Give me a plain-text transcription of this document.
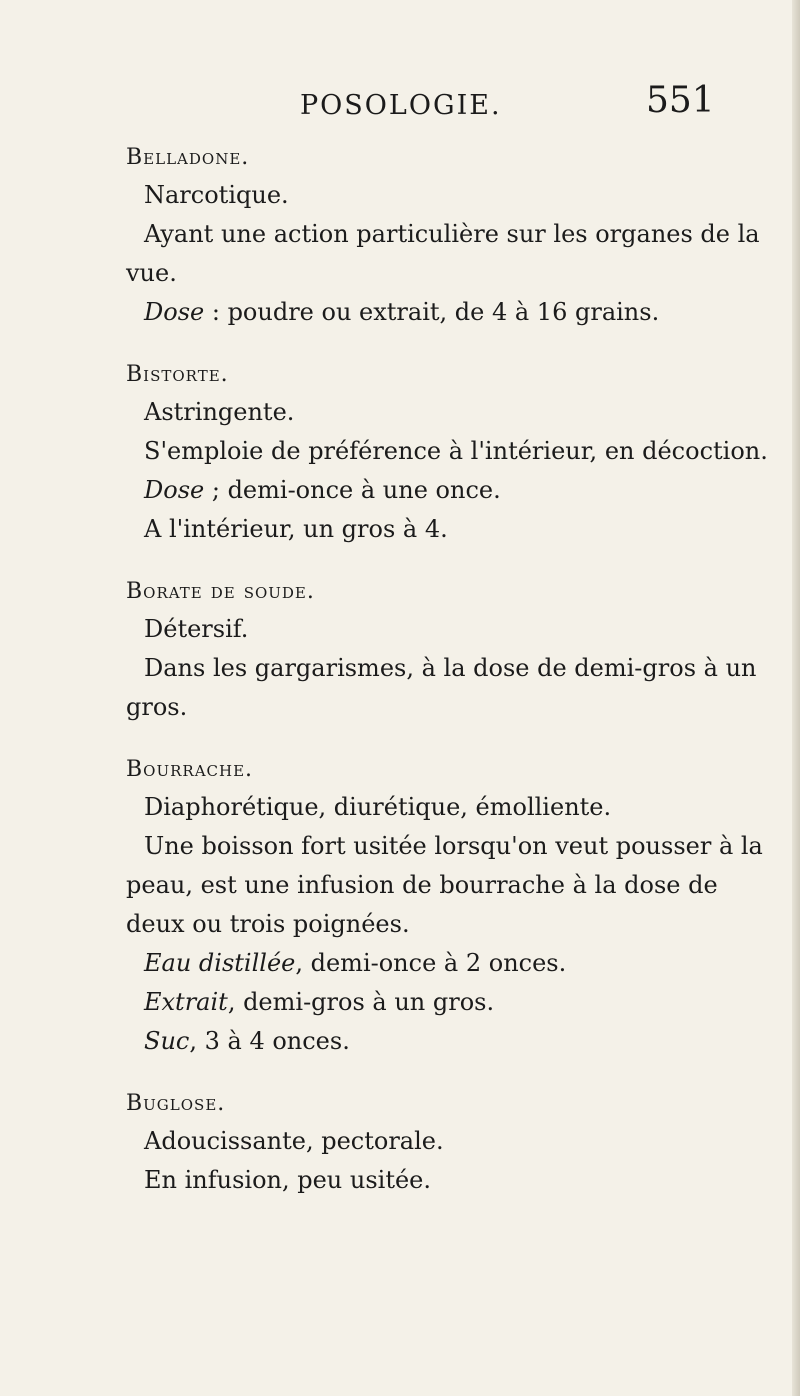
POSOLOGIE.	551

Belladone.

Narcotique.

Ayant une action particulière sur les organes de la

vue.

Dose : poudre ou extrait, de 4 à 16 grains.

Bistorte.

Astringente.

S'emploie de préférence à l'intérieur, en décoction.

Dose ; demi-once à une once.

A l'intérieur, un gros à 4.

Borate de soude.

Détersif.

Dans les gargarismes, à la dose de demi-gros à un

gros.

Bourrache.

Diaphorétique, diurétique, émolliente.

Une boisson fort usitée lorsqu'on veut pousser à la

peau, est une infusion de bourrache à la dose de

deux ou trois poignées.

Eau distillée, demi-once à 2 onces.

Extrait, demi-gros à un gros.

Suc, 3 à 4 onces.

Buglose.

Adoucissante, pectorale.

En infusion, peu usitée.
